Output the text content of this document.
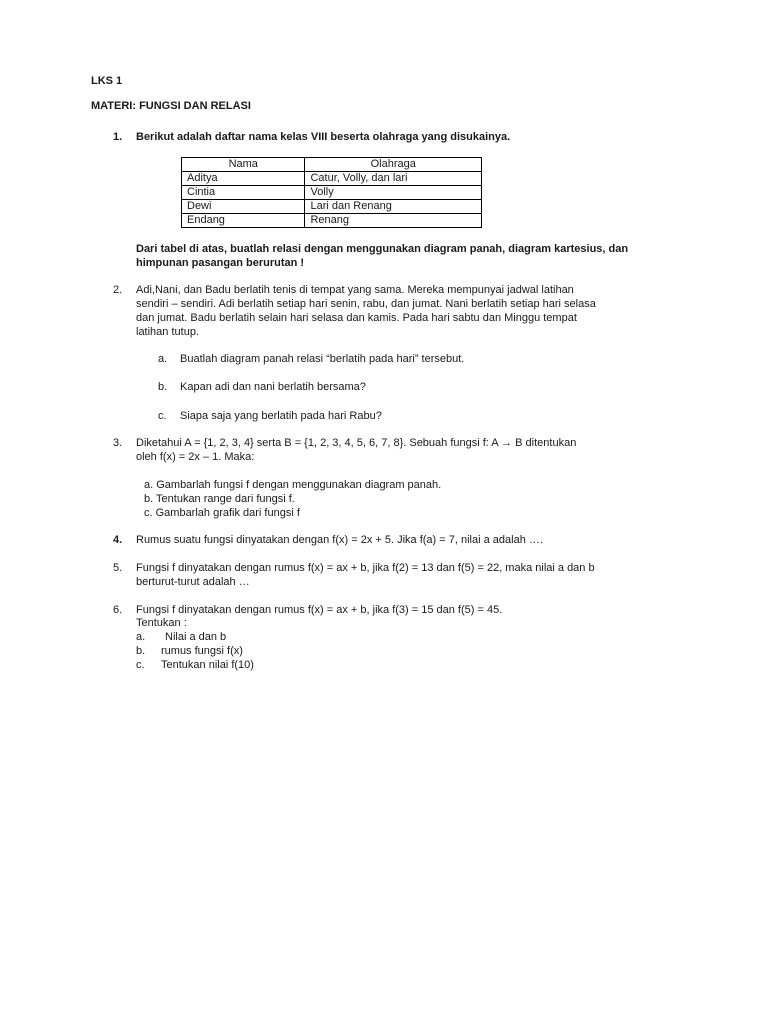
LKS 1
MATERI: FUNGSI DAN RELASI
1. Berikut adalah daftar nama kelas VIII beserta olahraga yang disukainya.
Nama	Olahraga
Aditya	Catur, Volly, dan lari
Cintia	Volly
Dewi	Lari dan Renang
Endang	Renang
Dari tabel di atas, buatlah relasi dengan menggunakan diagram panah, diagram kartesius, dan
himpunan pasangan berurutan !
2. Adi,Nani, dan Badu berlatih tenis di tempat yang sama. Mereka mempunyai jadwal latihan
sendiri – sendiri. Adi berlatih setiap hari senin, rabu, dan jumat. Nani berlatih setiap hari selasa
dan jumat. Badu berlatih selain hari selasa dan kamis. Pada hari sabtu dan Minggu tempat
latihan tutup.
a. Buatlah diagram panah relasi “berlatih pada hari” tersebut.
b. Kapan adi dan nani berlatih bersama?
c. Siapa saja yang berlatih pada hari Rabu?
3. Diketahui A = {1, 2, 3, 4} serta B = {1, 2, 3, 4, 5, 6, 7, 8}. Sebuah fungsi f: A → B ditentukan
oleh f(x) = 2x – 1. Maka:
a. Gambarlah fungsi f dengan menggunakan diagram panah.
b. Tentukan range dari fungsi f.
c. Gambarlah grafik dari fungsi f
4. Rumus suatu fungsi dinyatakan dengan f(x) = 2x + 5. Jika f(a) = 7, nilai a adalah ….
5. Fungsi f dinyatakan dengan rumus f(x) = ax + b, jika f(2) = 13 dan f(5) = 22, maka nilai a dan b
berturut-turut adalah …
6. Fungsi f dinyatakan dengan rumus f(x) = ax + b, jika f(3) = 15 dan f(5) = 45.
Tentukan :
a. Nilai a dan b
b. rumus fungsi f(x)
c. Tentukan nilai f(10)
